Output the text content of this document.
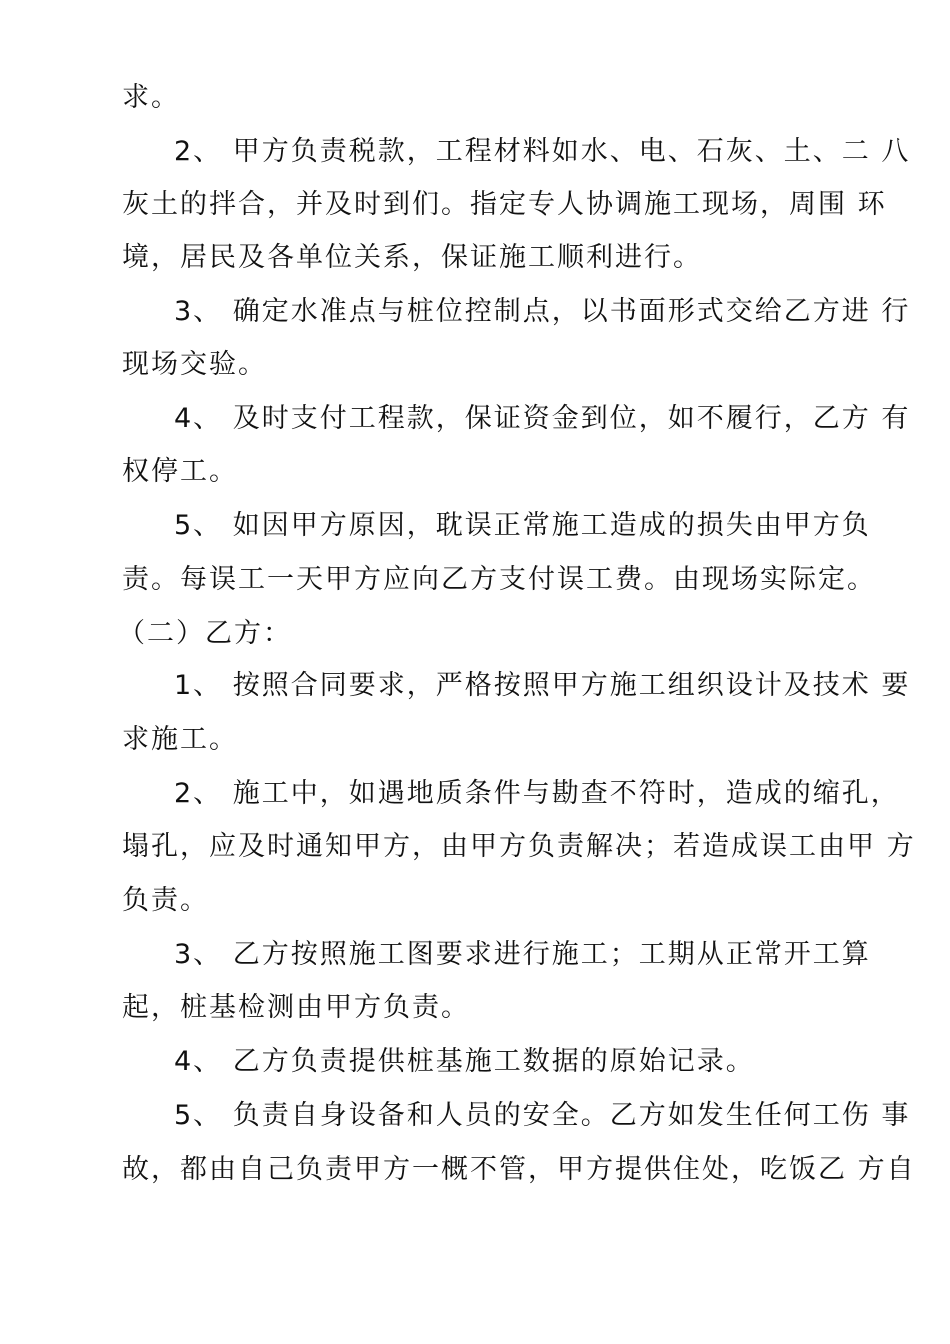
求。
2、 甲方负责税款，工程材料如水、电、石灰、土、二 八
灰土的拌合，并及时到们。指定专人协调施工现场，周围 环
境，居民及各单位关系，保证施工顺利进行。
3、 确定水准点与桩位控制点，以书面形式交给乙方进 行
现场交验。
4、 及时支付工程款，保证资金到位，如不履行，乙方 有
权停工。
5、 如因甲方原因，耽误正常施工造成的损失由甲方负
责。每误工一天甲方应向乙方支付误工费。由现场实际定。
（二）乙方：
1、 按照合同要求，严格按照甲方施工组织设计及技术 要
求施工。
2、 施工中，如遇地质条件与勘查不符时，造成的缩孔，
塌孔，应及时通知甲方，由甲方负责解决；若造成误工由甲 方
负责。
3、 乙方按照施工图要求进行施工；工期从正常开工算
起，桩基检测由甲方负责。
4、 乙方负责提供桩基施工数据的原始记录。
5、 负责自身设备和人员的安全。乙方如发生任何工伤 事
故，都由自己负责甲方一概不管，甲方提供住处，吃饭乙 方自
